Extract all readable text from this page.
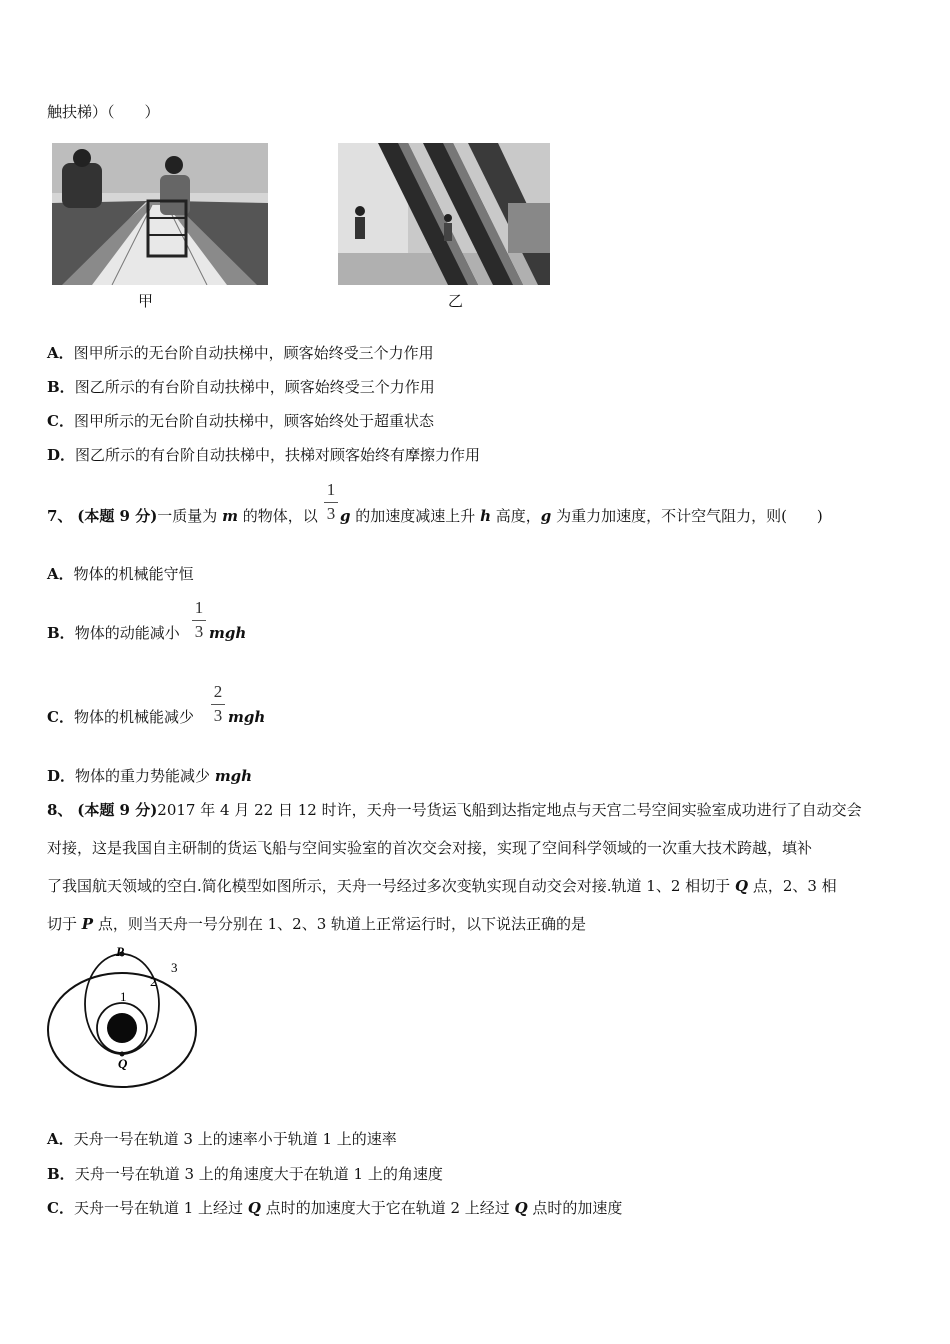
触扶梯）（　　）
甲	乙
A．图甲所示的无台阶自动扶梯中，顾客始终受三个力作用
B．图乙所示的有台阶自动扶梯中，顾客始终受三个力作用
C．图甲所示的无台阶自动扶梯中，顾客始终处于超重状态
D．图乙所示的有台阶自动扶梯中，扶梯对顾客始终有摩擦力作用
7、 (本题 9 分)一质量为 m 的物体，以
1
3 g 的加速度减速上升 h 高度，g 为重力加速度，不计空气阻力，则(　　)
A．物体的机械能守恒
B．物体的动能减小
1
3 mgh
C．物体的机械能减少
2
3 mgh
D．物体的重力势能减少 mgh
8、 (本题 9 分)2017 年 4 月 22 日 12 时许，天舟一号货运飞船到达指定地点与天宫二号空间实验室成功进行了自动交会
对接，这是我国自主研制的货运飞船与空间实验室的首次交会对接，实现了空间科学领域的一次重大技术跨越，填补
了我国航天领域的空白.简化模型如图所示，天舟一号经过多次变轨实现自动交会对接.轨道 1、2 相切于 Q 点，2、3 相
切于 P 点，则当天舟一号分别在 1、2、3 轨道上正常运行时，以下说法正确的是
P
Q
1
2
3
A．天舟一号在轨道 3 上的速率小于轨道 1 上的速率
B．天舟一号在轨道 3 上的角速度大于在轨道 1 上的角速度
C．天舟一号在轨道 1 上经过 Q 点时的加速度大于它在轨道 2 上经过 Q 点时的加速度
